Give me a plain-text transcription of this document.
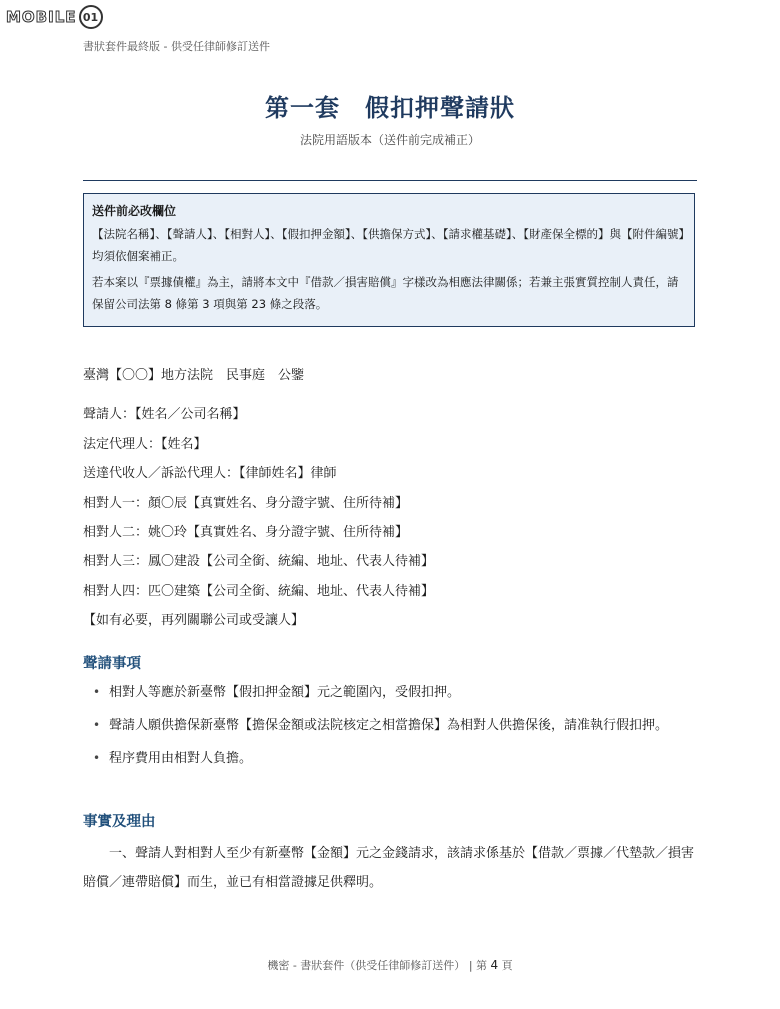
MOBILE 01
書狀套件最終版 - 供受任律師修訂送件
第一套　假扣押聲請狀
法院用語版本（送件前完成補正）
送件前必改欄位

【法院名稱】、【聲請人】、【相對人】、【假扣押金額】、【供擔保方式】、【請求權基礎】、【財產保全標的】與【附件編號】均須依個案補正。

若本案以『票據債權』為主，請將本文中『借款／損害賠償』字樣改為相應法律關係；若兼主張實質控制人責任，請保留公司法第 8 條第 3 項與第 23 條之段落。

臺灣【〇〇】地方法院　民事庭　公鑒
聲請人：【姓名／公司名稱】
法定代理人：【姓名】
送達代收人／訴訟代理人：【律師姓名】律師
相對人一：顏〇辰【真實姓名、身分證字號、住所待補】
相對人二：姚〇玲【真實姓名、身分證字號、住所待補】
相對人三：鳳〇建設【公司全銜、統編、地址、代表人待補】
相對人四：匹〇建築【公司全銜、統編、地址、代表人待補】
【如有必要，再列關聯公司或受讓人】
聲請事項
• 相對人等應於新臺幣【假扣押金額】元之範圍內，受假扣押。
• 聲請人願供擔保新臺幣【擔保金額或法院核定之相當擔保】為相對人供擔保後，請准執行假扣押。
• 程序費用由相對人負擔。
事實及理由

一、聲請人對相對人至少有新臺幣【金額】元之金錢請求，該請求係基於【借款／票據／代墊款／損害賠償／連帶賠償】而生，並已有相當證據足供釋明。

機密 - 書狀套件（供受任律師修訂送件） | 第 4 頁
